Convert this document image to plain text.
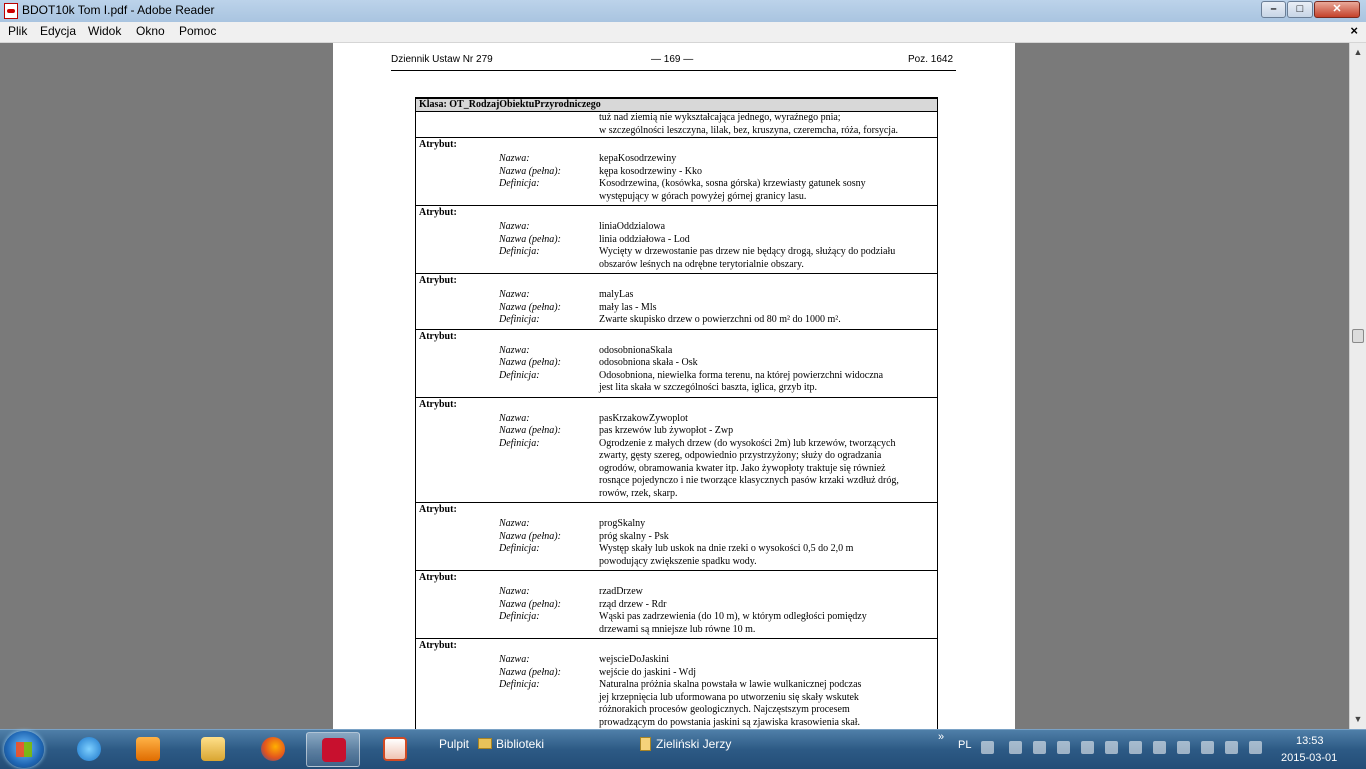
BDOT10k Tom I.pdf - Adobe Reader	–	□	✕
Plik Edycja Widok Okno Pomoc	×
Dziennik Ustaw Nr 279	— 169 —	Poz. 1642
Klasa: OT_RodzajObiektuPrzyrodniczego
tuż nad ziemią nie wykształcająca jednego, wyraźnego pnia;
w szczególności leszczyna, lilak, bez, kruszyna, czeremcha, róża, forsycja.
Atrybut:
Nazwa:	kepaKosodrzewiny
Nazwa (pełna):	kępa kosodrzewiny - Kko
Definicja:	Kosodrzewina, (kosówka, sosna górska) krzewiasty gatunek sosny
występujący w górach powyżej górnej granicy lasu.
Atrybut:
Nazwa:	liniaOddzialowa
Nazwa (pełna):	linia oddziałowa - Lod
Definicja:	Wycięty w drzewostanie pas drzew nie będący drogą, służący do podziału
obszarów leśnych na odrębne terytorialnie obszary.
Atrybut:
Nazwa:	malyLas
Nazwa (pełna):	mały las - Mls
Definicja:	Zwarte skupisko drzew o powierzchni od 80 m² do 1000 m².
Atrybut:
Nazwa:	odosobnionaSkala
Nazwa (pełna):	odosobniona skała - Osk
Definicja:	Odosobniona, niewielka forma terenu, na której powierzchni widoczna
jest lita skała w szczególności baszta, iglica, grzyb itp.
Atrybut:
Nazwa:	pasKrzakowZywoplot
Nazwa (pełna):	pas krzewów lub żywopłot - Zwp
Definicja:	Ogrodzenie z małych drzew (do wysokości 2m) lub krzewów, tworzących
zwarty, gęsty szereg, odpowiednio przystrzyżony; służy do ogradzania
ogrodów, obramowania kwater itp. Jako żywopłoty traktuje się również
rosnące pojedynczo i nie tworzące klasycznych pasów krzaki wzdłuż dróg,
rowów, rzek, skarp.
Atrybut:
Nazwa:	progSkalny
Nazwa (pełna):	próg skalny - Psk
Definicja:	Występ skały lub uskok na dnie rzeki o wysokości 0,5 do 2,0 m
powodujący zwiększenie spadku wody.
Atrybut:
Nazwa:	rzadDrzew
Nazwa (pełna):	rząd drzew - Rdr
Definicja:	Wąski pas zadrzewienia (do 10 m), w którym odległości pomiędzy
drzewami są mniejsze lub równe 10 m.
Atrybut:
Nazwa:	wejscieDoJaskini
Nazwa (pełna):	wejście do jaskini - Wdj
Definicja:	Naturalna próżnia skalna powstała w lawie wulkanicznej podczas
jej krzepnięcia lub uformowana po utworzeniu się skały wskutek
różnorakich procesów geologicznych. Najczęstszym procesem
prowadzącym do powstania jaskini są zjawiska krasowienia skał.
▲
▼
Pulpit Biblioteki	Zieliński Jerzy	»
PL	13:53
2015-03-01
